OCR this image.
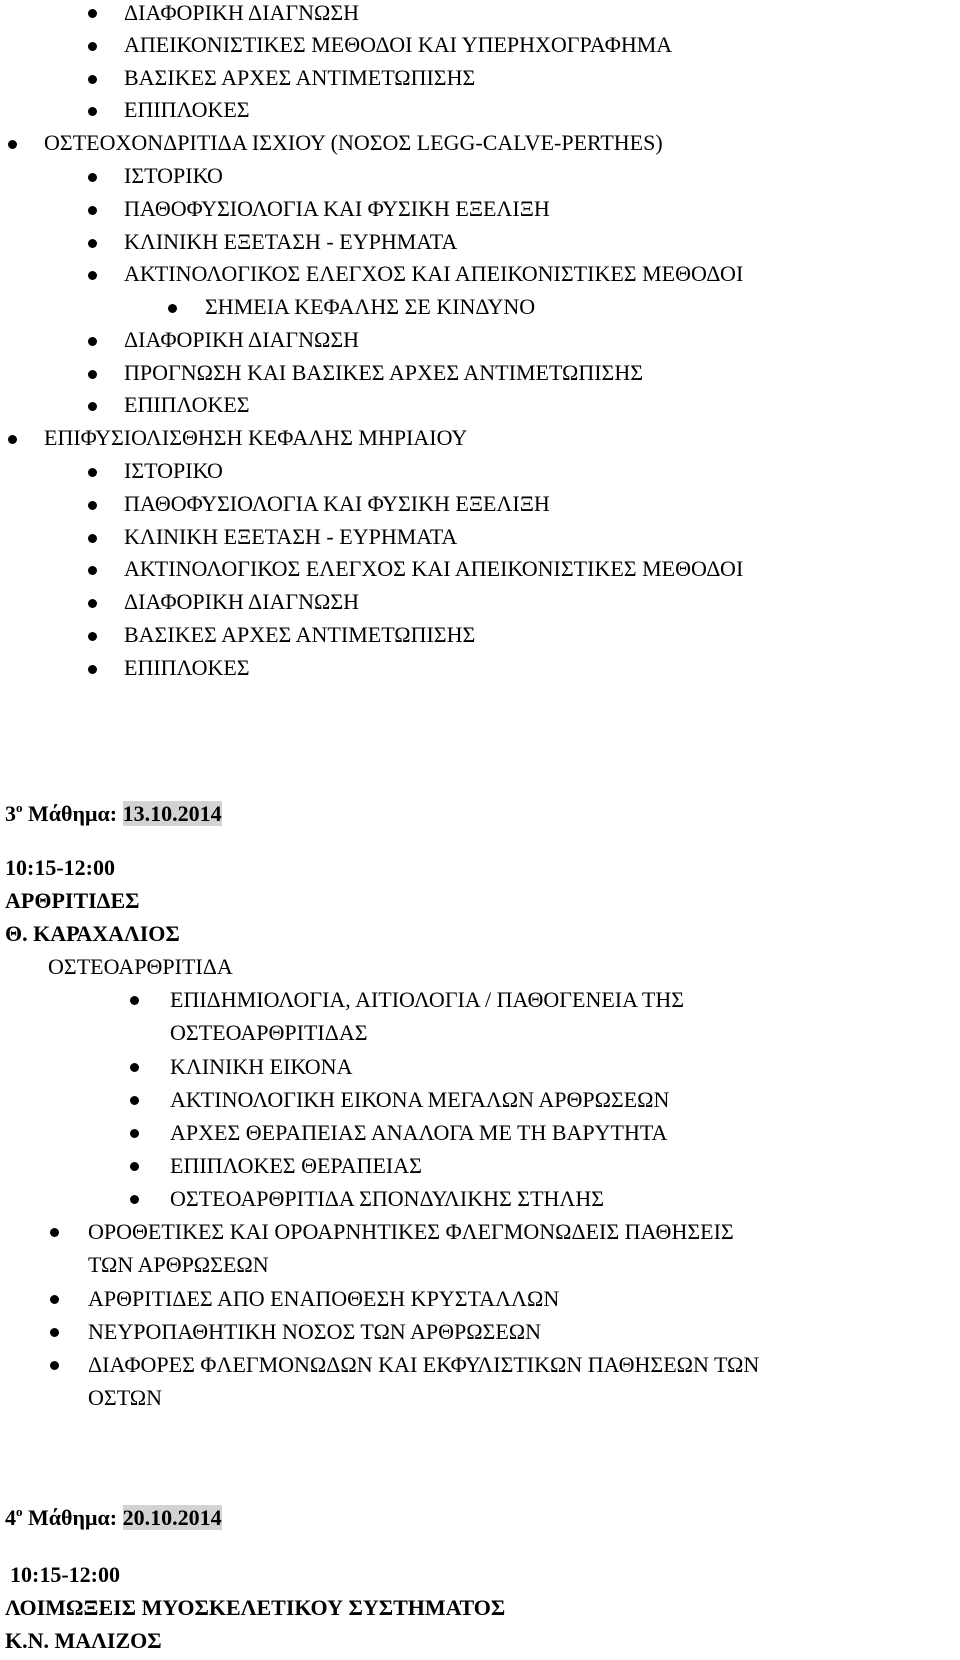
ΔΙΑΦΟΡΙΚΗ ΔΙΑΓΝΩΣΗ
ΑΠΕΙΚΟΝΙΣΤΙΚΕΣ ΜΕΘΟΔΟΙ ΚΑΙ ΥΠΕΡΗΧΟΓΡΑΦΗΜΑ
ΒΑΣΙΚΕΣ ΑΡΧΕΣ ΑΝΤΙΜΕΤΩΠΙΣΗΣ
ΕΠΙΠΛΟΚΕΣ
ΟΣΤΕΟΧΟΝΔΡΙΤΙΔΑ ΙΣΧΙΟΥ (ΝΟΣΟΣ LEGG-CALVE-PERTHES)
ΙΣΤΟΡΙΚΟ
ΠΑΘΟΦΥΣΙΟΛΟΓΙΑ ΚΑΙ ΦΥΣΙΚΗ ΕΞΕΛΙΞΗ
ΚΛΙΝΙΚΗ ΕΞΕΤΑΣΗ - ΕΥΡΗΜΑΤΑ
ΑΚΤΙΝΟΛΟΓΙΚΟΣ ΕΛΕΓΧΟΣ ΚΑΙ ΑΠΕΙΚΟΝΙΣΤΙΚΕΣ ΜΕΘΟΔΟΙ
ΣΗΜΕΙΑ ΚΕΦΑΛΗΣ ΣΕ ΚΙΝΔΥΝΟ
ΔΙΑΦΟΡΙΚΗ ΔΙΑΓΝΩΣΗ
ΠΡΟΓΝΩΣΗ ΚΑΙ ΒΑΣΙΚΕΣ ΑΡΧΕΣ ΑΝΤΙΜΕΤΩΠΙΣΗΣ
ΕΠΙΠΛΟΚΕΣ
ΕΠΙΦΥΣΙΟΛΙΣΘΗΣΗ ΚΕΦΑΛΗΣ ΜΗΡΙΑΙΟΥ
ΙΣΤΟΡΙΚΟ
ΠΑΘΟΦΥΣΙΟΛΟΓΙΑ ΚΑΙ ΦΥΣΙΚΗ ΕΞΕΛΙΞΗ
ΚΛΙΝΙΚΗ ΕΞΕΤΑΣΗ - ΕΥΡΗΜΑΤΑ
ΑΚΤΙΝΟΛΟΓΙΚΟΣ ΕΛΕΓΧΟΣ ΚΑΙ ΑΠΕΙΚΟΝΙΣΤΙΚΕΣ ΜΕΘΟΔΟΙ
ΔΙΑΦΟΡΙΚΗ ΔΙΑΓΝΩΣΗ
ΒΑΣΙΚΕΣ ΑΡΧΕΣ ΑΝΤΙΜΕΤΩΠΙΣΗΣ
ΕΠΙΠΛΟΚΕΣ
$3^o$ Μάθημα: 13.10.2014
10:15-12:00
ΑΡΘΡΙΤΙΔΕΣ
Θ. ΚΑΡΑΧΑΛΙΟΣ
ΟΣΤΕΟΑΡΘΡΙΤΙΔΑ
ΕΠΙΔΗΜΙΟΛΟΓΙΑ, ΑΙΤΙΟΛΟΓΙΑ / ΠΑΘΟΓΕΝΕΙΑ ΤΗΣ
ΟΣΤΕΟΑΡΘΡΙΤΙΔΑΣ
ΚΛΙΝΙΚΗ ΕΙΚΟΝΑ
ΑΚΤΙΝΟΛΟΓΙΚΗ ΕΙΚΟΝΑ ΜΕΓΑΛΩΝ ΑΡΘΡΩΣΕΩΝ
ΑΡΧΕΣ ΘΕΡΑΠΕΙΑΣ ΑΝΑΛΟΓΑ ΜΕ ΤΗ ΒΑΡΥΤΗΤΑ
ΕΠΙΠΛΟΚΕΣ ΘΕΡΑΠΕΙΑΣ
ΟΣΤΕΟΑΡΘΡΙΤΙΔΑ ΣΠΟΝΔΥΛΙΚΗΣ ΣΤΗΛΗΣ
ΟΡΟΘΕΤΙΚΕΣ ΚΑΙ ΟΡΟΑΡΝΗΤΙΚΕΣ ΦΛΕΓΜΟΝΩΔΕΙΣ ΠΑΘΗΣΕΙΣ
ΤΩΝ ΑΡΘΡΩΣΕΩΝ
ΑΡΘΡΙΤΙΔΕΣ ΑΠΟ ΕΝΑΠΟΘΕΣΗ ΚΡΥΣΤΑΛΛΩΝ
ΝΕΥΡΟΠΑΘΗΤΙΚΗ ΝΟΣΟΣ ΤΩΝ ΑΡΘΡΩΣΕΩΝ
ΔΙΑΦΟΡΕΣ ΦΛΕΓΜΟΝΩΔΩΝ ΚΑΙ ΕΚΦΥΛΙΣΤΙΚΩΝ ΠΑΘΗΣΕΩΝ ΤΩΝ
ΟΣΤΩΝ
$4^o$ Μάθημα: 20.10.2014
10:15-12:00
ΛΟΙΜΩΞΕΙΣ ΜΥΟΣΚΕΛΕΤΙΚΟΥ ΣΥΣΤΗΜΑΤΟΣ
Κ.Ν. ΜΑΛΙΖΟΣ
